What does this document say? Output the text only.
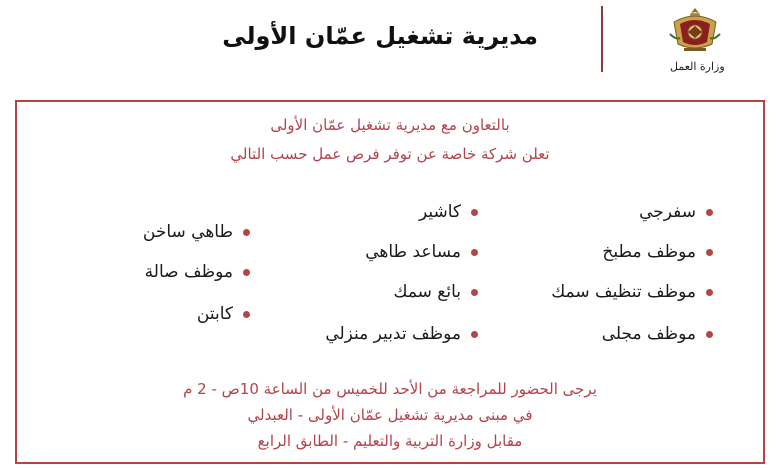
مديرية تشغيل عمّان الأولى
وزارة العمل
بالتعاون مع مديرية تشغيل عمّان الأولى
تعلن شركة خاصة عن توفر فرص عمل حسب التالي
سفرجي
موظف مطبخ
موظف تنظيف سمك
موظف مجلى
كاشير
مساعد طاهي
بائع سمك
موظف تدبير منزلي
طاهي ساخن
موظف صالة
كابتن
يرجى الحضور للمراجعة من الأحد للخميس من الساعة 10ص - 2 م
في مبنى مديرية تشغيل عمّان الأولى - العبدلي
مقابل وزارة التربية والتعليم - الطابق الرابع
